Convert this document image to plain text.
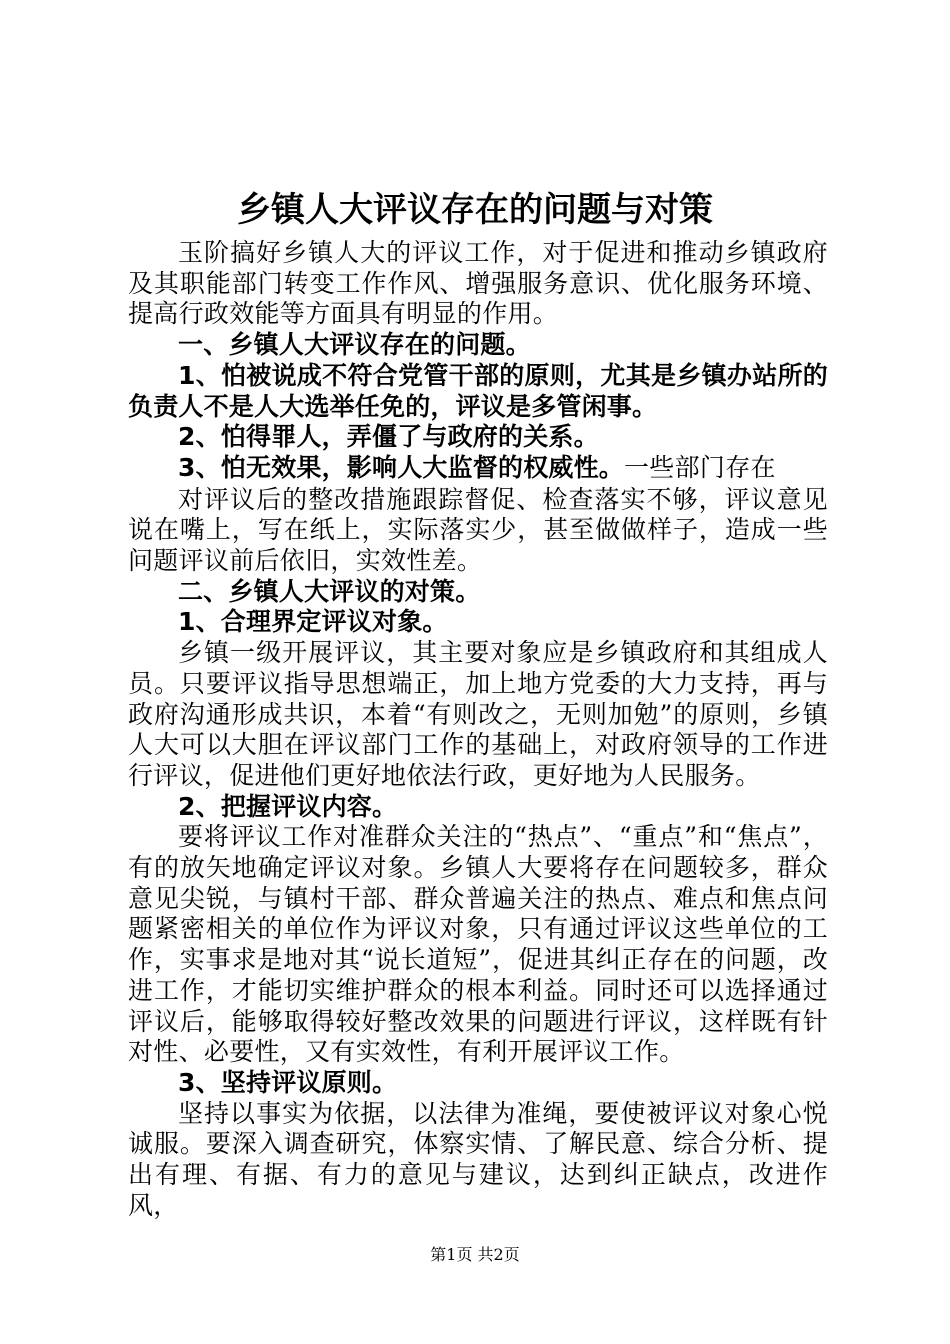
乡镇人大评议存在的问题与对策

玉阶搞好乡镇人大的评议工作，对于促进和推动乡镇政府及其职能部门转变工作作风、增强服务意识、优化服务环境、提高行政效能等方面具有明显的作用。

一、乡镇人大评议存在的问题。

1、怕被说成不符合党管干部的原则，尤其是乡镇办站所的负责人不是人大选举任免的，评议是多管闲事。

2、怕得罪人，弄僵了与政府的关系。

3、怕无效果，影响人大监督的权威性。一些部门存在

对评议后的整改措施跟踪督促、检查落实不够，评议意见说在嘴上，写在纸上，实际落实少，甚至做做样子，造成一些问题评议前后依旧，实效性差。

二、乡镇人大评议的对策。

1、合理界定评议对象。

乡镇一级开展评议，其主要对象应是乡镇政府和其组成人员。只要评议指导思想端正，加上地方党委的大力支持，再与政府沟通形成共识，本着“有则改之，无则加勉”的原则，乡镇人大可以大胆在评议部门工作的基础上，对政府领导的工作进行评议，促进他们更好地依法行政，更好地为人民服务。

2、把握评议内容。

要将评议工作对准群众关注的“热点”、“重点”和“焦点”，有的放矢地确定评议对象。乡镇人大要将存在问题较多，群众意见尖锐，与镇村干部、群众普遍关注的热点、难点和焦点问题紧密相关的单位作为评议对象，只有通过评议这些单位的工作，实事求是地对其“说长道短”，促进其纠正存在的问题，改进工作，才能切实维护群众的根本利益。同时还可以选择通过评议后，能够取得较好整改效果的问题进行评议，这样既有针对性、必要性，又有实效性，有利开展评议工作。

3、坚持评议原则。

坚持以事实为依据，以法律为准绳，要使被评议对象心悦诚服。要深入调查研究，体察实情、了解民意、综合分析、提出有理、有据、有力的意见与建议，达到纠正缺点，改进作风，

第1页 共2页
